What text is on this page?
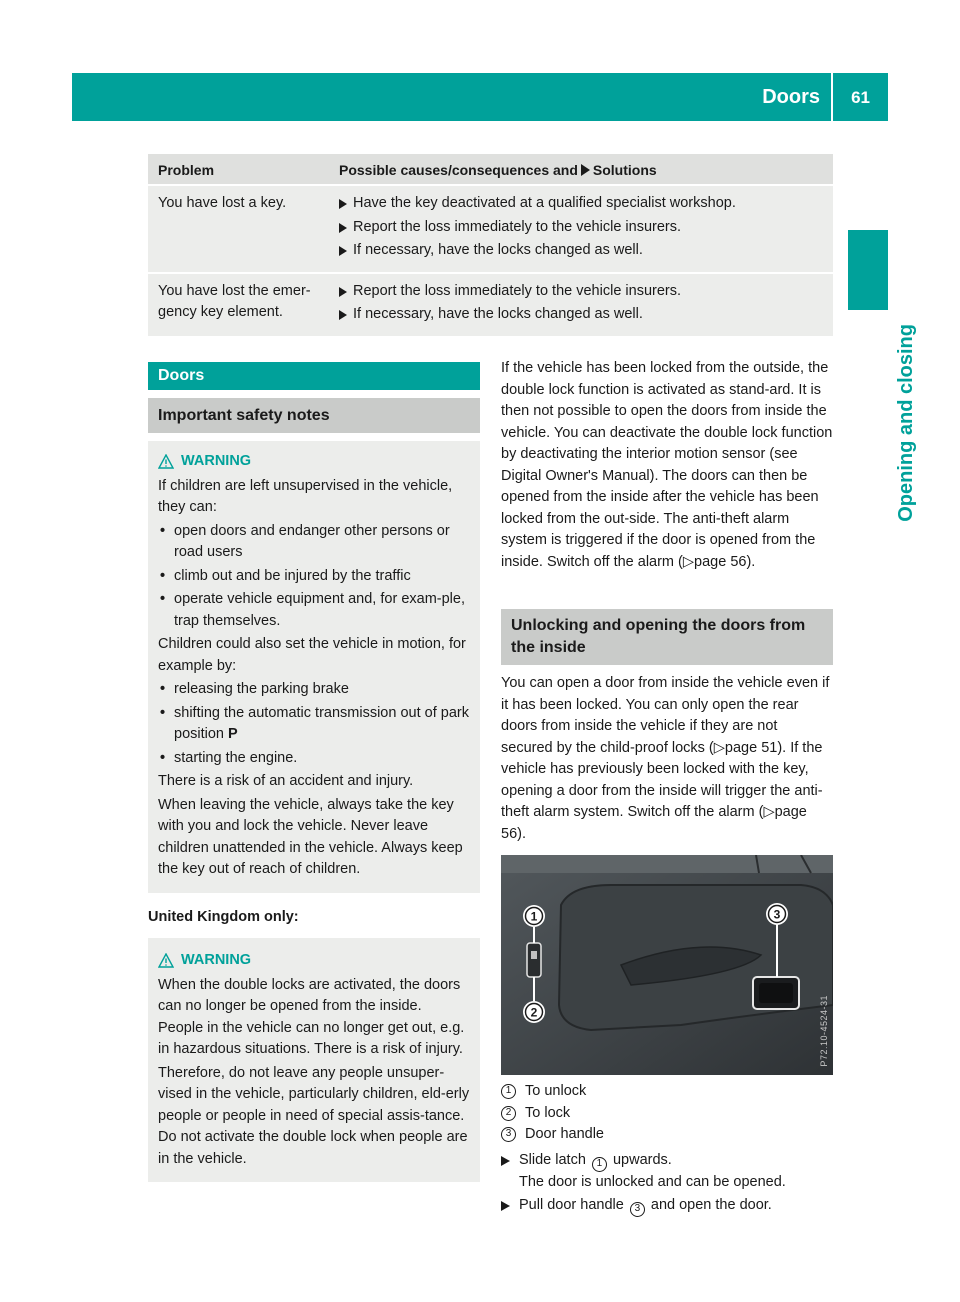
Doors 61
Opening and closing
Problem	Possible causes/consequences and Solutions
You have lost a key.	Have the key deactivated at a qualified specialist workshop.
Report the loss immediately to the vehicle insurers.
If necessary, have the locks changed as well.
You have lost the emer-gency key element.
Report the loss immediately to the vehicle insurers.
If necessary, have the locks changed as well.
Doors
Important safety notes
WARNING
If children are left unsupervised in the vehicle, they can:
• open doors and endanger other persons or road users
• climb out and be injured by the traffic
• operate vehicle equipment and, for exam-ple, trap themselves.
Children could also set the vehicle in motion, for example by:
• releasing the parking brake
• shifting the automatic transmission out of park position P
• starting the engine.
There is a risk of an accident and injury.
When leaving the vehicle, always take the key with you and lock the vehicle. Never leave children unattended in the vehicle. Always keep the key out of reach of children.
United Kingdom only:
WARNING
When the double locks are activated, the doors can no longer be opened from the inside. People in the vehicle can no longer get out, e.g. in hazardous situations. There is a risk of injury.
Therefore, do not leave any people unsuper-vised in the vehicle, particularly children, eld-erly people or people in need of special assis-tance. Do not activate the double lock when people are in the vehicle.
If the vehicle has been locked from the outside, the double lock function is activated as stand-ard. It is then not possible to open the doors from inside the vehicle. You can deactivate the double lock function by deactivating the interior motion sensor (see Digital Owner's Manual). The doors can then be opened from the inside after the vehicle has been locked from the out-side. The anti-theft alarm system is triggered if the door is opened from the inside. Switch off the alarm (▷page 56).
Unlocking and opening the doors from the inside
You can open a door from inside the vehicle even if it has been locked. You can only open the rear doors from inside the vehicle if they are not secured by the child-proof locks (▷page 51). If the vehicle has previously been locked with the key, opening a door from the inside will trigger the anti-theft alarm system. Switch off the alarm (▷page 56).
1
2
3
P72.10-4524-31
1 To unlock
2 To lock
3 Door handle
Slide latch 1 upwards.
The door is unlocked and can be opened.
Pull door handle 3 and open the door.
